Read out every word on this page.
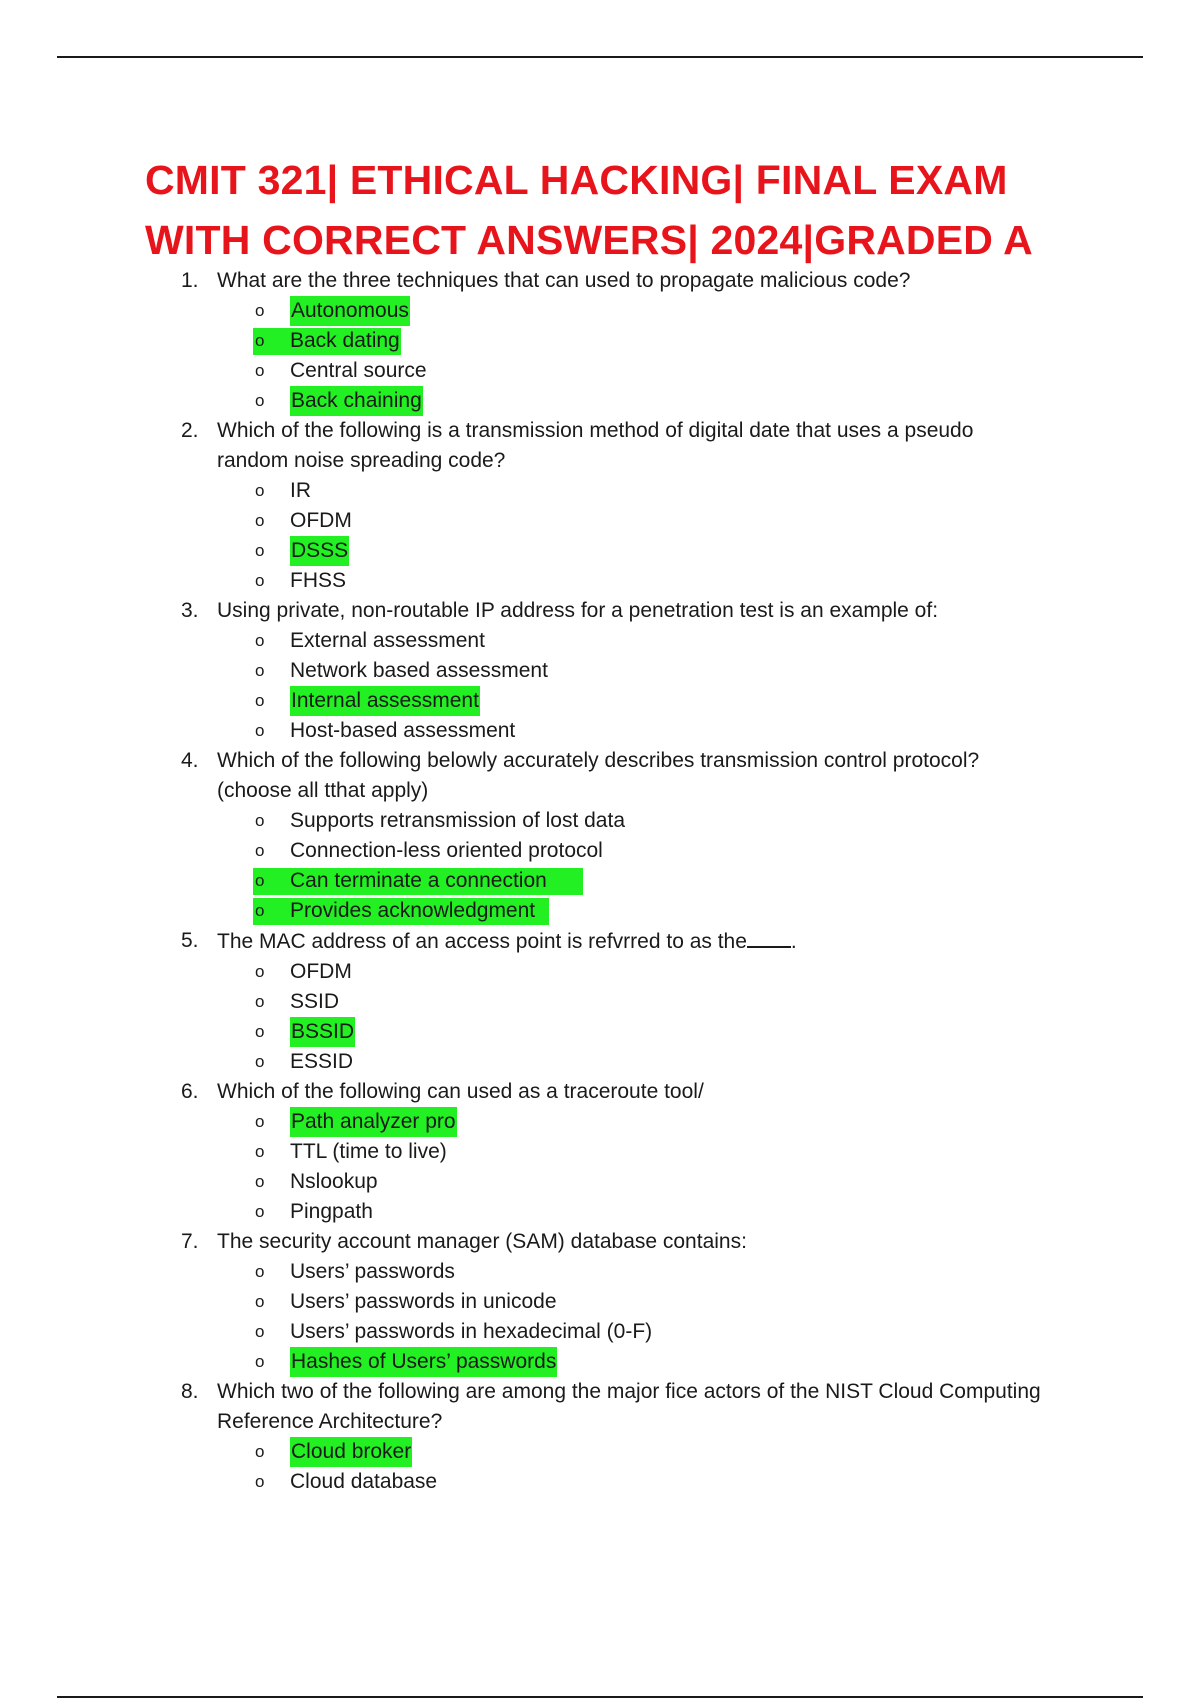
CMIT 321| ETHICAL HACKING| FINAL EXAM
WITH CORRECT ANSWERS| 2024|GRADED A
1. What are the three techniques that can used to propagate malicious code?
o Autonomous
o Back dating
o Central source
o Back chaining
2. Which of the following is a transmission method of digital date that uses a pseudo random noise spreading code?
o IR
o OFDM
o DSSS
o FHSS
3. Using private, non-routable IP address for a penetration test is an example of:
o External assessment
o Network based assessment
o Internal assessment
o Host-based assessment
4. Which of the following belowly accurately describes transmission control protocol? (choose all tthat apply)
o Supports retransmission of lost data
o Connection-less oriented protocol
o Can terminate a connection
o Provides acknowledgment
5. The MAC address of an access point is refvrred to as the .
o OFDM
o SSID
o BSSID
o ESSID
6. Which of the following can used as a traceroute tool/
o Path analyzer pro
o TTL (time to live)
o Nslookup
o Pingpath
7. The security account manager (SAM) database contains:
o Users’ passwords
o Users’ passwords in unicode
o Users’ passwords in hexadecimal (0-F)
o Hashes of Users’ passwords
8. Which two of the following are among the major fice actors of the NIST Cloud Computing Reference Architecture?
o Cloud broker
o Cloud database
